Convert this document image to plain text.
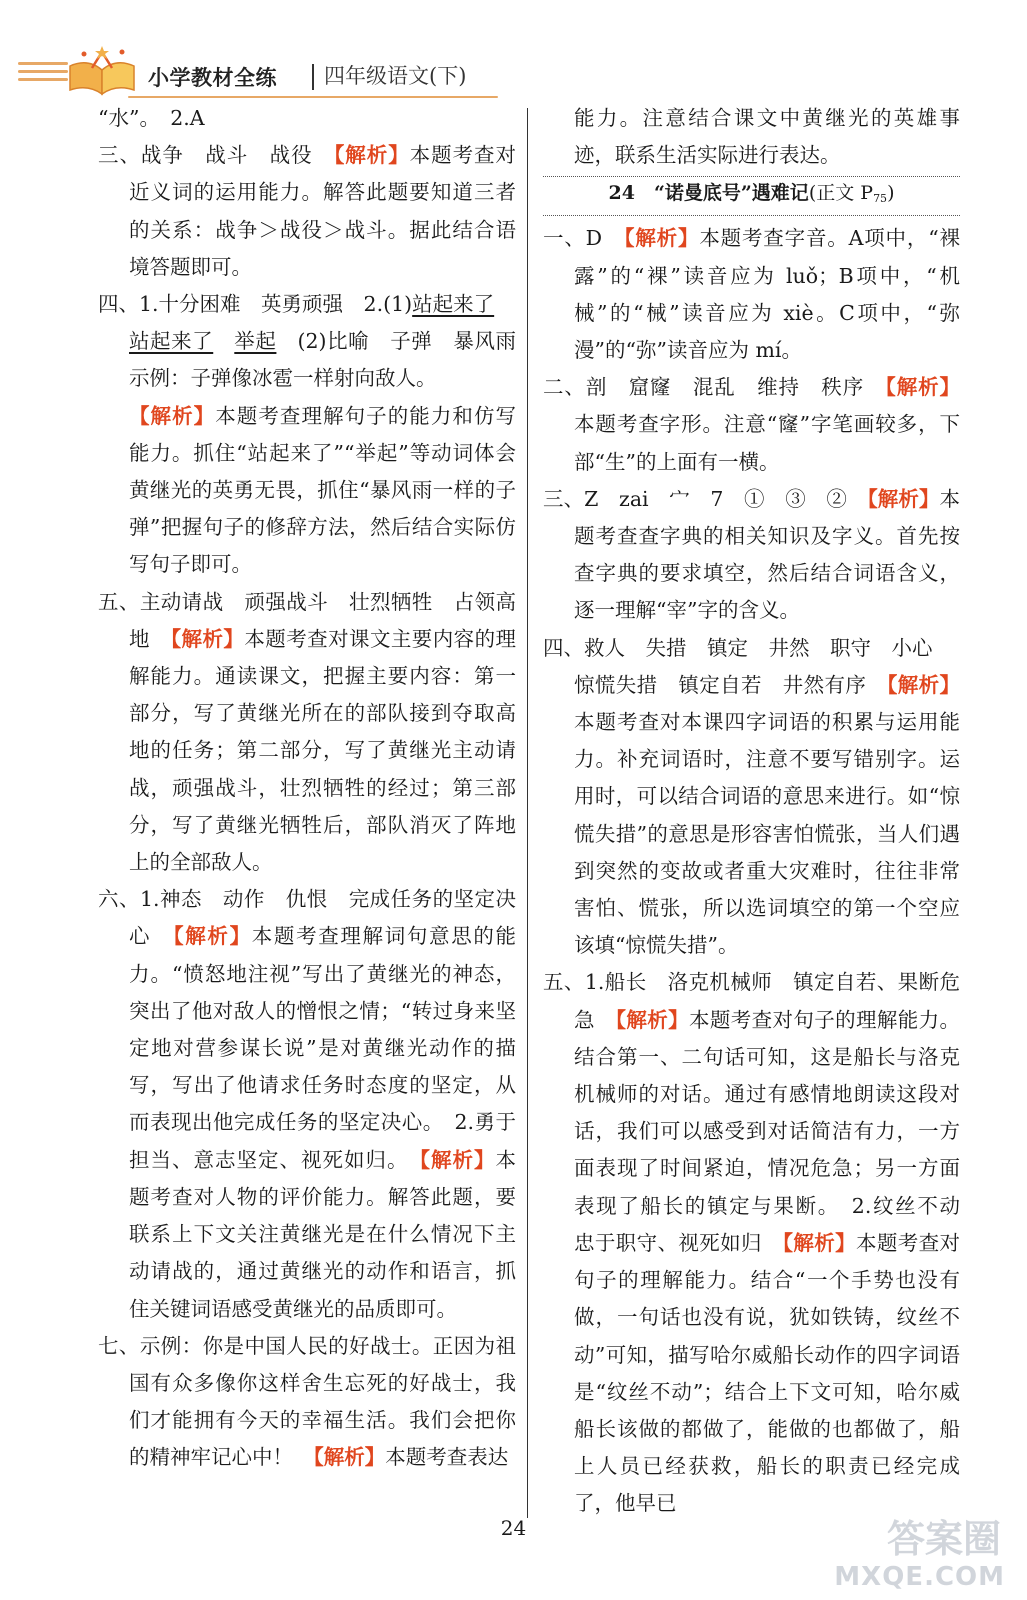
小学教材全练 四年级语文(下)

“水”。　2.A

三、战争　战斗　战役　【解析】本题考查对近义词的运用能力。解答此题要知道三者的关系：战争＞战役＞战斗。据此结合语境答题即可。

四、1.十分困难　英勇顽强　2.(1)站起来了
站起来了　 举起　(2)比喻　子弹　暴风雨　示例：子弹像冰雹一样射向敌人。

【解析】本题考查理解句子的能力和仿写能力。抓住“站起来了”“举起”等动词体会黄继光的英勇无畏，抓住“暴风雨一样的子弹”把握句子的修辞方法，然后结合实际仿写句子即可。

五、主动请战　顽强战斗　壮烈牺牲　占领高地　 【解析】本题考查对课文主要内容的理解能力。通读课文，把握主要内容：第一部分，写了黄继光所在的部队接到夺取高地的任务；第二部分，写了黄继光主动请战，顽强战斗，壮烈牺牲的经过；第三部分，写了黄继光牺牲后，部队消灭了阵地上的全部敌人。

六、1.神态　动作　仇恨　完成任务的坚定决心　 【解析】本题考查理解词句意思的能力。“愤怒地注视”写出了黄继光的神态，突出了他对敌人的憎恨之情；“转过身来坚定地对营参谋长说”是对黄继光动作的描写，写出了他请求任务时态度的坚定，从而表现出他完成任务的坚定决心。　2.勇于担当、意志坚定、视死如归。　 【解析】本题考查对人物的评价能力。解答此题，要联系上下文关注黄继光是在什么情况下主动请战的，通过黄继光的动作和语言，抓住关键词语感受黄继光的品质即可。

七、示例：你是中国人民的好战士。正因为祖国有众多像你这样舍生忘死的好战士，我们才能拥有今天的幸福生活。我们会把你的精神牢记心中！　 【解析】本题考查表达

能力。注意结合课文中黄继光的英雄事迹，联系生活实际进行表达。

24　“诺曼底号”遇难记(正文 P75)

一、D　 【解析】本题考查字音。A项中，“裸露”的“裸”读音应为 luǒ；B项中，“机械”的“械”读音应为 xiè。C项中，“弥漫”的“弥”读音应为 mí。

二、剖　窟窿　混乱　维持　秩序　 【解析】本题考查字形。注意“窿”字笔画较多，下部“生”的上面有一横。

三、Z　zai　宀　7　①　③　②　 【解析】本题考查查字典的相关知识及字义。首先按查字典的要求填空，然后结合词语含义，逐一理解“宰”字的含义。

四、救人　失措　镇定　井然　职守　小心
惊慌失措　镇定自若　井然有序　 【解析】本题考查对本课四字词语的积累与运用能力。补充词语时，注意不要写错别字。运用时，可以结合词语的意思来进行。如“惊慌失措”的意思是形容害怕慌张，当人们遇到突然的变故或者重大灾难时，往往非常害怕、慌张，所以选词填空的第一个空应该填“惊慌失措”。

五、1.船长　洛克机械师　镇定自若、果断危急　 【解析】本题考查对句子的理解能力。结合第一、二句话可知，这是船长与洛克机械师的对话。通过有感情地朗读这段对话，我们可以感受到对话简洁有力，一方面表现了时间紧迫，情况危急；另一方面表现了船长的镇定与果断。　2.纹丝不动　忠于职守、视死如归　 【解析】本题考查对句子的理解能力。结合“一个手势也没有做，一句话也没有说，犹如铁铸，纹丝不动”可知，描写哈尔威船长动作的四字词语是“纹丝不动”；结合上下文可知，哈尔威船长该做的都做了，能做的也都做了，船上人员已经获救，船长的职责已经完成了，他早已

24	答案圈
MXQE.COM
